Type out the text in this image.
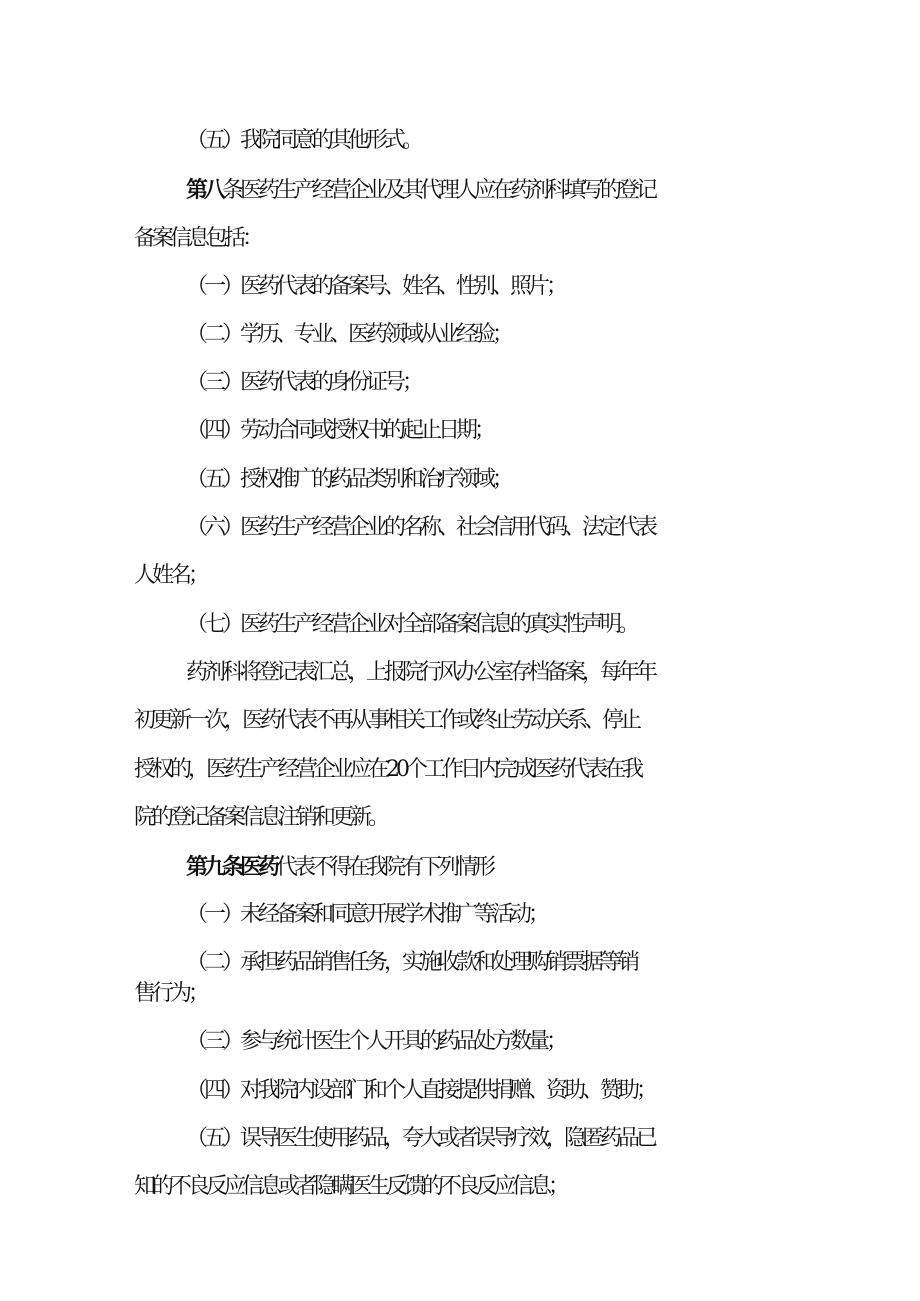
（五）我院同意的其他形式。
第八条医药生产经营企业及其代理人应在药剂科填写的登记
备案信息包括：
（一）医药代表的备案号、姓名、性别、照片；
（二）学历、专业、医药领域从业经验；
（三）医药代表的身份证号；
（四）劳动合同或授权书的起止日期；
（五）授权推广的药品类别和治疗领域；
（六）医药生产经营企业的名称、社会信用代码、法定代表
人姓名；
（七）医药生产经营企业对全部备案信息的真实性声明。
药剂科将登记表汇总，上报院行风办公室存档备案，每年年
初更新一次，医药代表不再从事相关工作或终止劳动关系、停止
授权的，医药生产经营企业应在20个工作日内完成医药代表在我
院的登记备案信息注销和更新。
第九条医药代表不得在我院有下列情形
（一）未经备案和同意开展学术推广等活动；
（二）承担药品销售任务，实施收款和处理购销票据等销
售行为；
（三）参与统计医生个人开具的药品处方数量；
（四）对我院内设部门和个人直接提供捐赠、资助、赞助；
（五）误导医生使用药品，夸大或者误导疗效，隐匿药品已
知的不良反应信息或者隐瞒医生反馈的不良反应信息；
